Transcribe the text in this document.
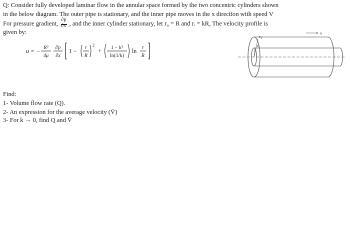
Q: Consider fully developed laminar flow in the annular space formed by the two concentric cylinders shown
in the below diagram. The outer pipe is stationary, and the inner pipe moves in the x direction with speed V
For pressure gradient, $\frac{\partial p}{\partial x}$ , and the inner cylinder stationary, let r₀ = R and rᵢ = kR, The velocity profile is
given by:
u = −
R²
4μ
∂p
∂x
1 −
r
R
2
+
1 − k²
ln(1/k)
ln
r
R
Find:
1- Volume flow rate (Q).
2- An expression for the average velocity (V̄)
3- For k → 0, find Q and V̄
r₀
rᵢ
x
